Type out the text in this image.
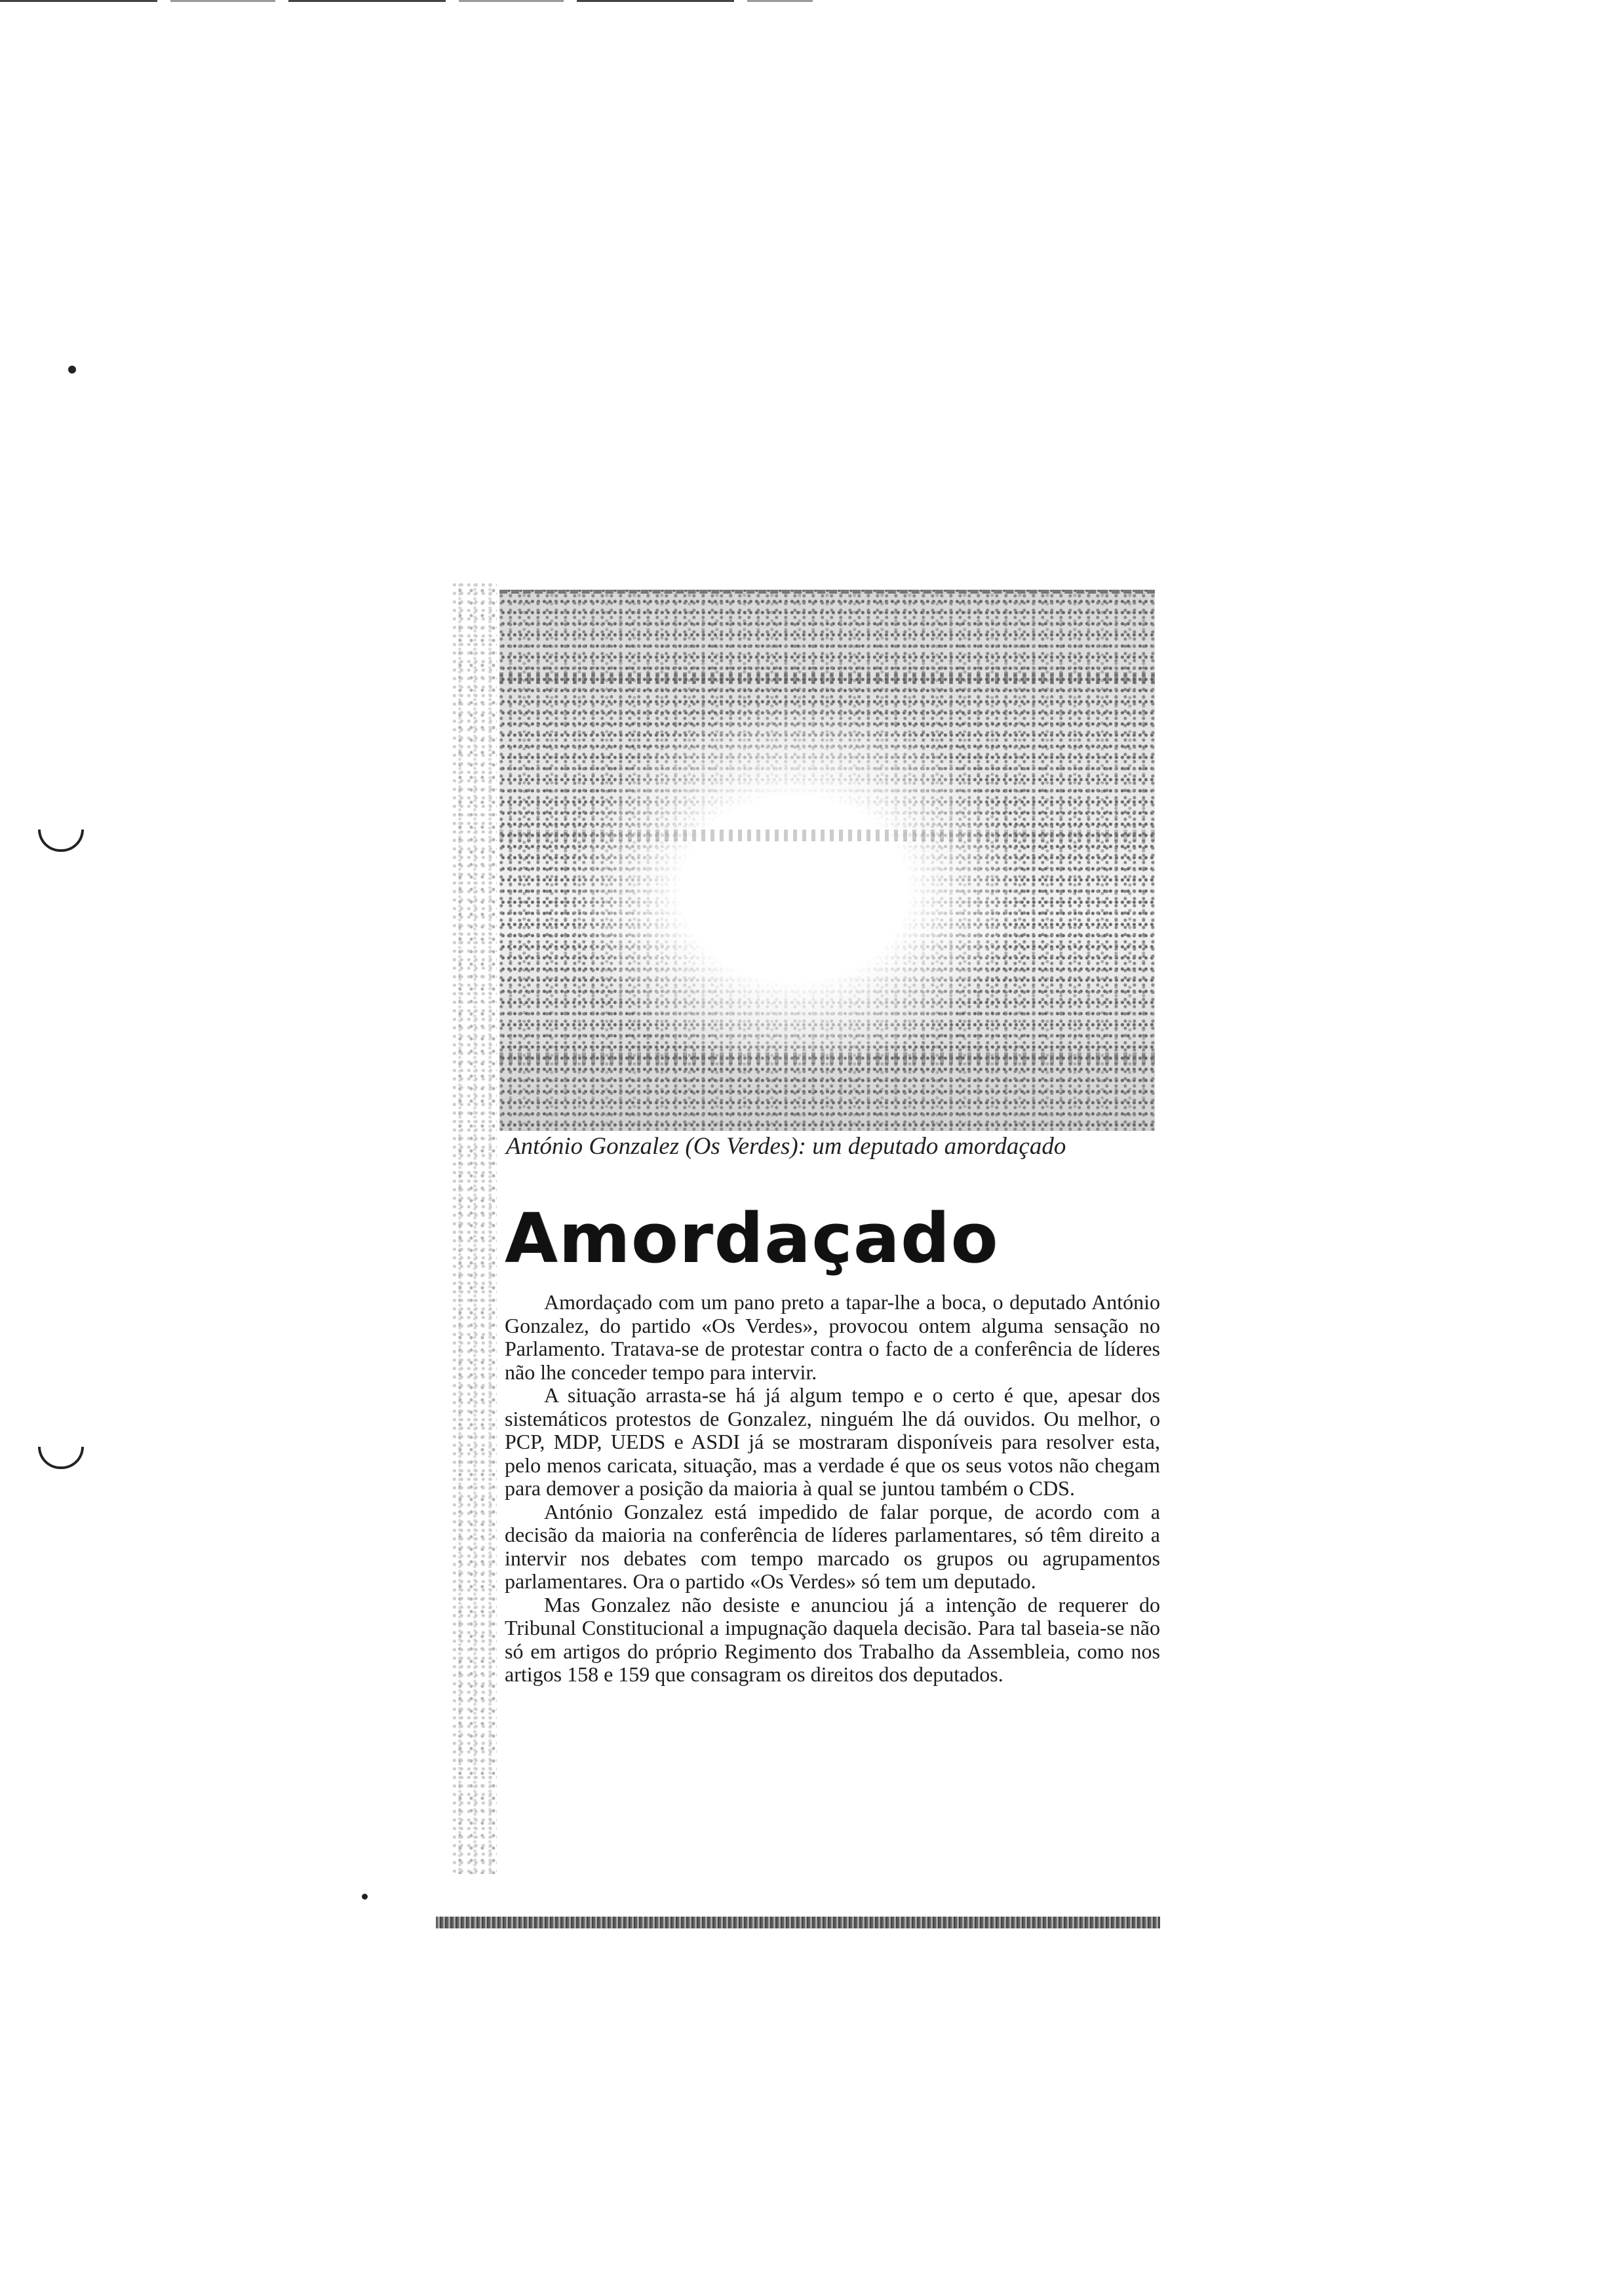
António Gonzalez (Os Verdes): um deputado amordaçado
Amordaçado

Amordaçado com um pano preto a tapar-lhe a boca, o deputado António Gonzalez, do partido «Os Verdes», provocou ontem alguma sensação no Parlamento. Tratava-se de protestar contra o facto de a conferência de líderes não lhe conceder tempo para intervir.

A situação arrasta-se há já algum tempo e o certo é que, apesar dos sistemáticos protestos de Gonzalez, ninguém lhe dá ouvidos. Ou melhor, o PCP, MDP, UEDS e ASDI já se mostraram disponíveis para resolver esta, pelo menos caricata, situação, mas a verdade é que os seus votos não chegam para demover a posição da maioria à qual se juntou também o CDS.

António Gonzalez está impedido de falar porque, de acordo com a decisão da maioria na conferência de líderes parlamentares, só têm direito a intervir nos debates com tempo marcado os grupos ou agrupamentos parlamentares. Ora o partido «Os Verdes» só tem um deputado.

Mas Gonzalez não desiste e anunciou já a intenção de requerer do Tribunal Constitucional a impugnação daquela decisão. Para tal baseia-se não só em artigos do próprio Regimento dos Trabalho da Assembleia, como nos artigos 158 e 159 que consagram os direitos dos deputados.
